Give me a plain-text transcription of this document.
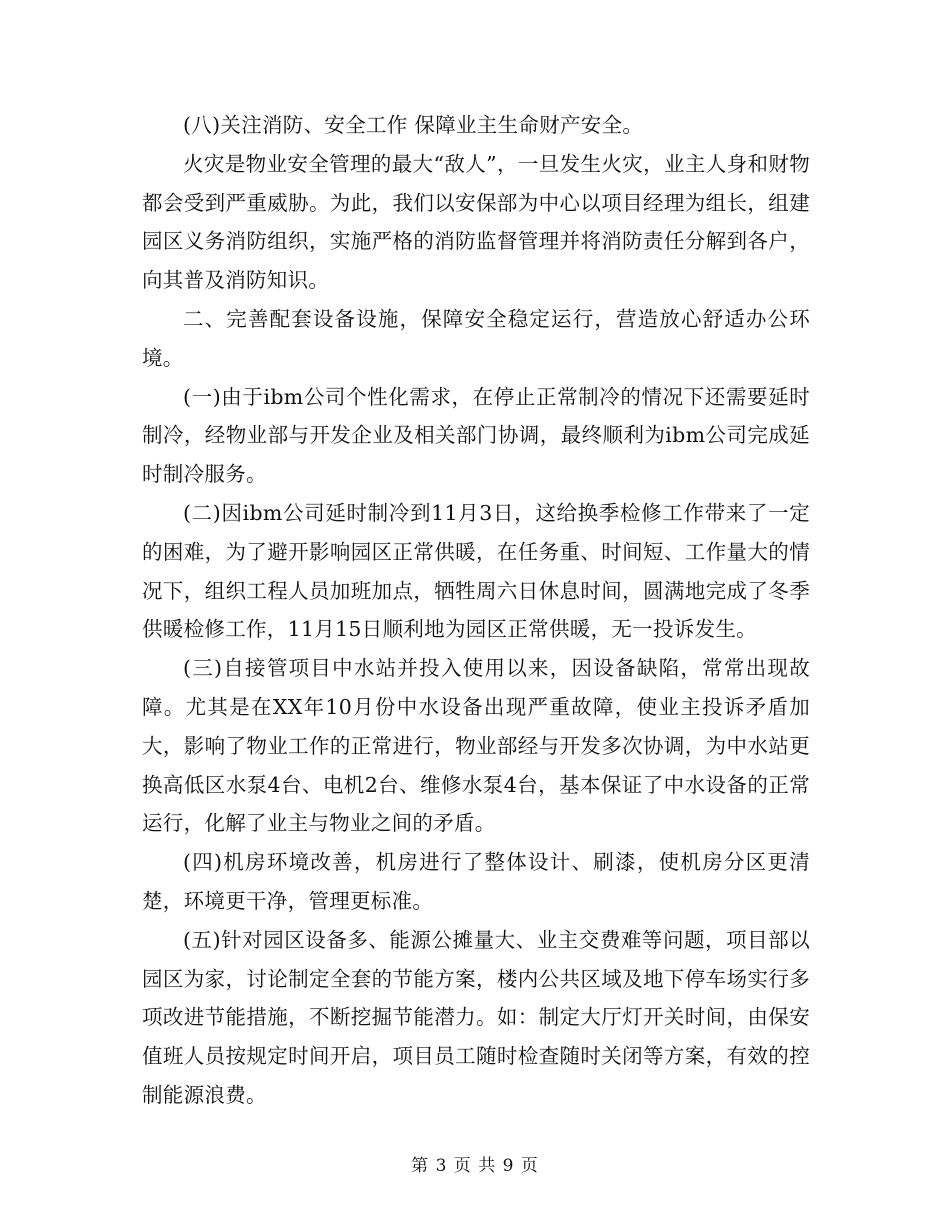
(八)关注消防、安全工作 保障业主生命财产安全。

火灾是物业安全管理的最大“敌人”，一旦发生火灾，业主人身和财物都会受到严重威胁。为此，我们以安保部为中心以项目经理为组长，组建园区义务消防组织，实施严格的消防监督管理并将消防责任分解到各户，向其普及消防知识。

二、完善配套设备设施，保障安全稳定运行，营造放心舒适办公环境。

(一)由于ibm公司个性化需求，在停止正常制冷的情况下还需要延时制冷，经物业部与开发企业及相关部门协调，最终顺利为ibm公司完成延时制冷服务。

(二)因ibm公司延时制冷到11月3日，这给换季检修工作带来了一定的困难，为了避开影响园区正常供暖，在任务重、时间短、工作量大的情况下，组织工程人员加班加点，牺牲周六日休息时间，圆满地完成了冬季供暖检修工作，11月15日顺利地为园区正常供暖，无一投诉发生。

(三)自接管项目中水站并投入使用以来，因设备缺陷，常常出现故障。尤其是在XX年10月份中水设备出现严重故障，使业主投诉矛盾加大，影响了物业工作的正常进行，物业部经与开发多次协调，为中水站更换高低区水泵4台、电机2台、维修水泵4台，基本保证了中水设备的正常运行，化解了业主与物业之间的矛盾。

(四)机房环境改善，机房进行了整体设计、刷漆，使机房分区更清楚，环境更干净，管理更标准。

(五)针对园区设备多、能源公摊量大、业主交费难等问题，项目部以园区为家，讨论制定全套的节能方案，楼内公共区域及地下停车场实行多项改进节能措施，不断挖掘节能潜力。如：制定大厅灯开关时间，由保安值班人员按规定时间开启，项目员工随时检查随时关闭等方案，有效的控制能源浪费。

第 3 页 共 9 页
